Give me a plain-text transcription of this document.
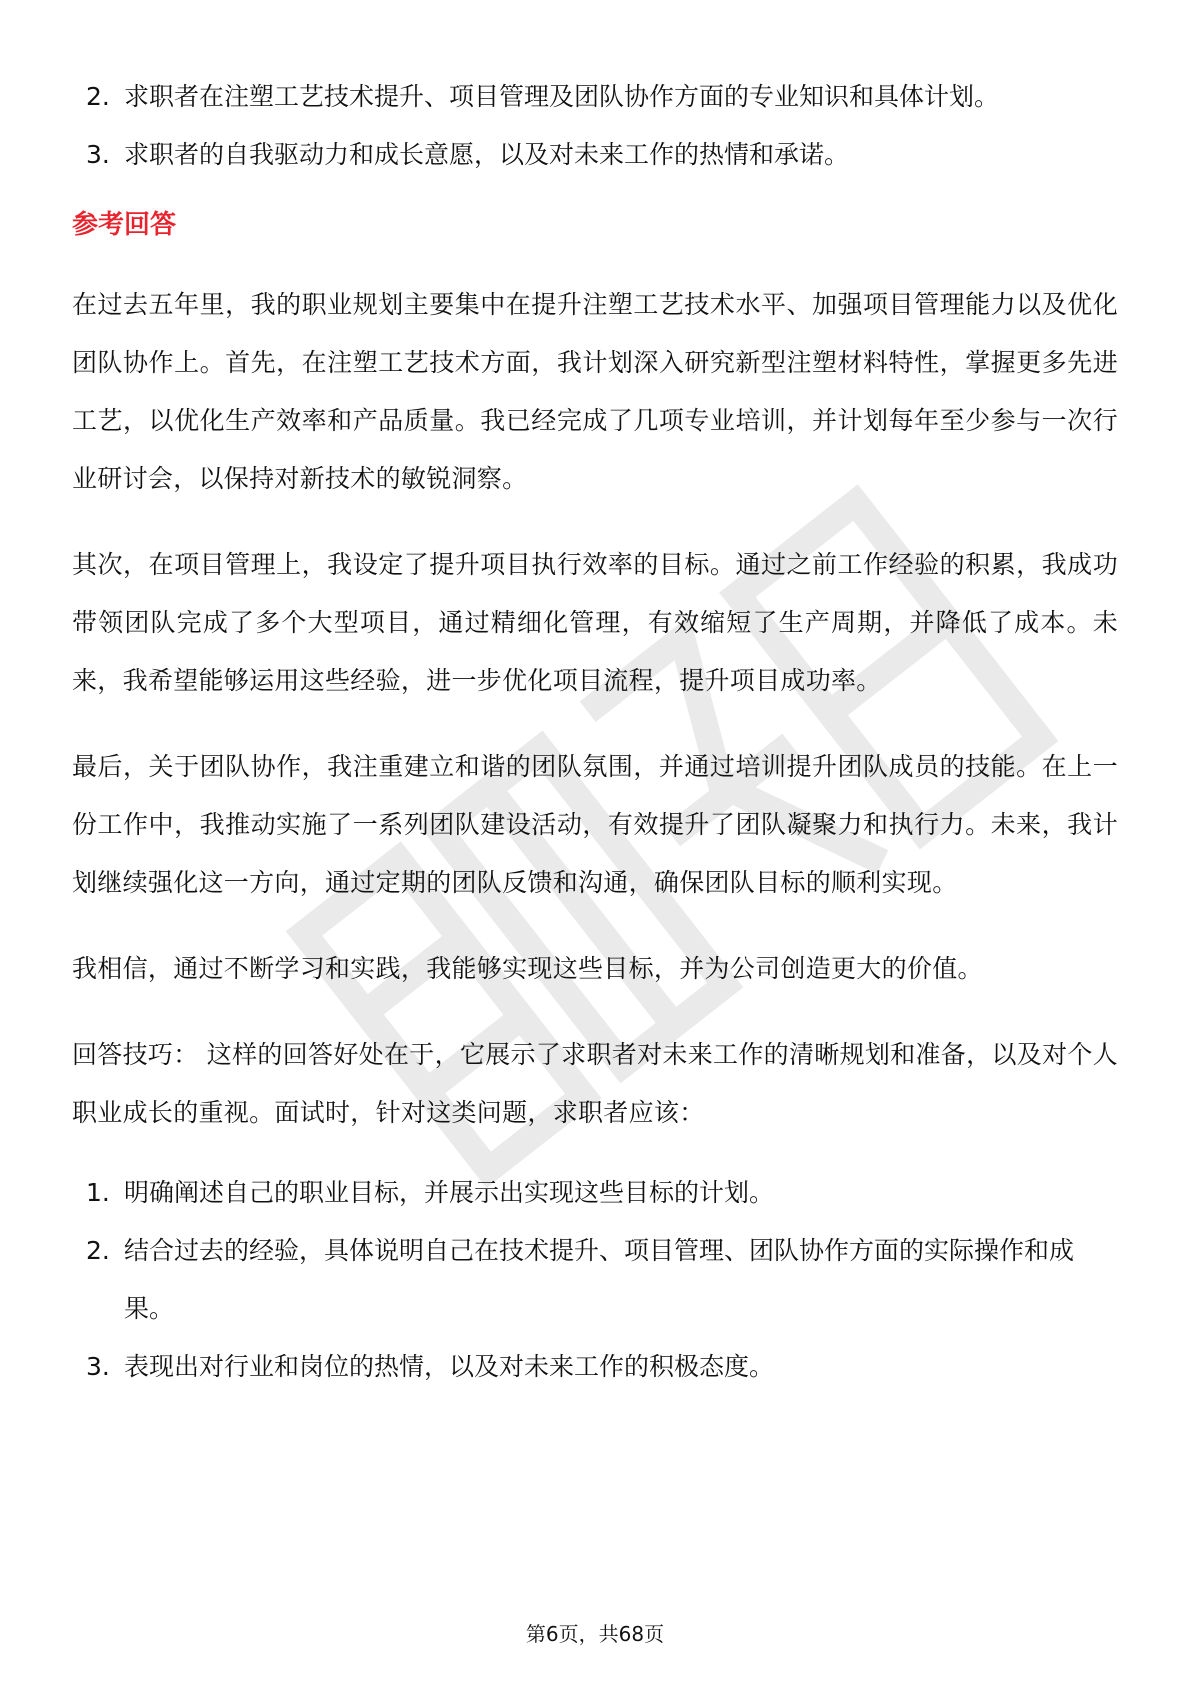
2. 求职者在注塑工艺技术提升、项目管理及团队协作方面的专业知识和具体计划。
3. 求职者的自我驱动力和成长意愿，以及对未来工作的热情和承诺。
参考回答

在过去五年里，我的职业规划主要集中在提升注塑工艺技术水平、加强项目管理能力以及优化团队协作上。首先，在注塑工艺技术方面，我计划深入研究新型注塑材料特性，掌握更多先进工艺，以优化生产效率和产品质量。我已经完成了几项专业培训，并计划每年至少参与一次行业研讨会，以保持对新技术的敏锐洞察。

其次，在项目管理上，我设定了提升项目执行效率的目标。通过之前工作经验的积累，我成功带领团队完成了多个大型项目，通过精细化管理，有效缩短了生产周期，并降低了成本。未来，我希望能够运用这些经验，进一步优化项目流程，提升项目成功率。

最后，关于团队协作，我注重建立和谐的团队氛围，并通过培训提升团队成员的技能。在上一份工作中，我推动实施了一系列团队建设活动，有效提升了团队凝聚力和执行力。未来，我计划继续强化这一方向，通过定期的团队反馈和沟通，确保团队目标的顺利实现。

我相信，通过不断学习和实践，我能够实现这些目标，并为公司创造更大的价值。

回答技巧： 这样的回答好处在于，它展示了求职者对未来工作的清晰规划和准备，以及对个人职业成长的重视。面试时，针对这类问题，求职者应该：

1. 明确阐述自己的职业目标，并展示出实现这些目标的计划。
2. 结合过去的经验，具体说明自己在技术提升、项目管理、团队协作方面的实际操作和成果。
3. 表现出对行业和岗位的热情，以及对未来工作的积极态度。
第6页，共68页
